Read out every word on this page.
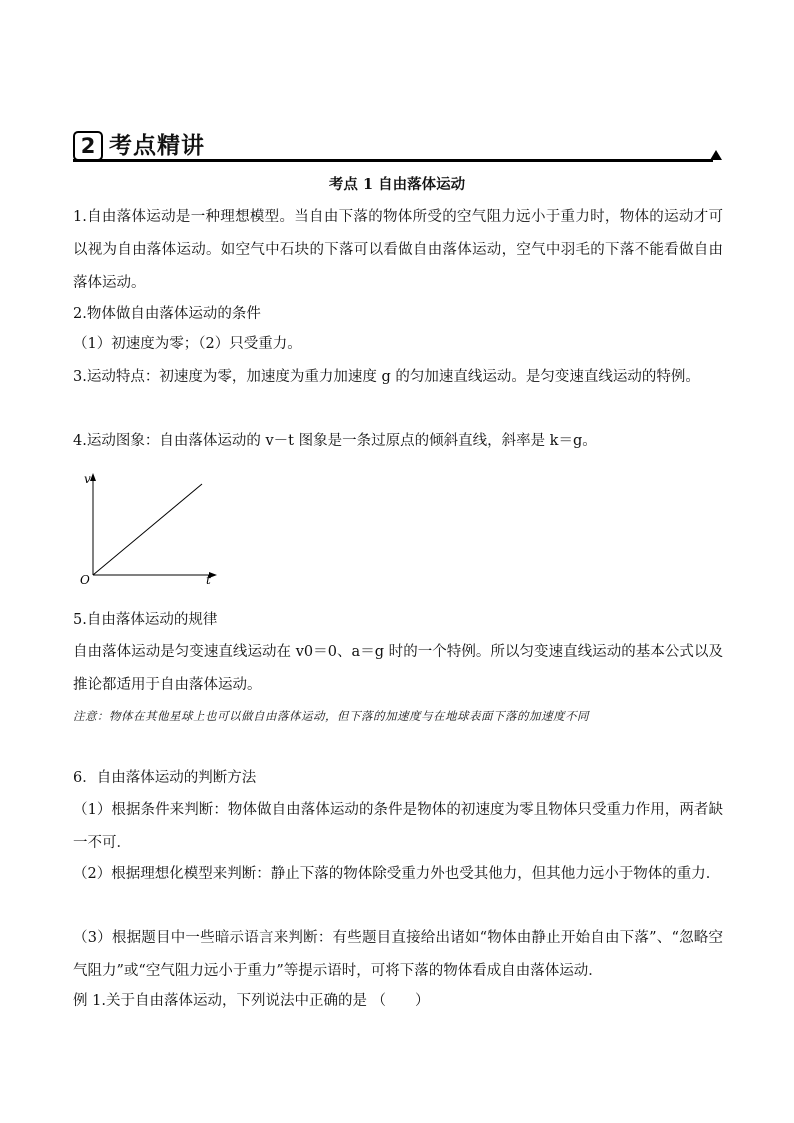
2 考点精讲
考点 1 自由落体运动
1.自由落体运动是一种理想模型。当自由下落的物体所受的空气阻力远小于重力时，物体的运动才可以视为自由落体运动。如空气中石块的下落可以看做自由落体运动，空气中羽毛的下落不能看做自由落体运动。
2.物体做自由落体运动的条件
（1）初速度为零；（2）只受重力。
3.运动特点：初速度为零，加速度为重力加速度 g 的匀加速直线运动。是匀变速直线运动的特例。
4.运动图象：自由落体运动的 v－t 图象是一条过原点的倾斜直线，斜率是 k＝g。
v
t
O
5.自由落体运动的规律
自由落体运动是匀变速直线运动在 v0＝0、a＝g 时的一个特例。所以匀变速直线运动的基本公式以及推论都适用于自由落体运动。
注意：物体在其他星球上也可以做自由落体运动，但下落的加速度与在地球表面下落的加速度不同
6．自由落体运动的判断方法
（1）根据条件来判断：物体做自由落体运动的条件是物体的初速度为零且物体只受重力作用，两者缺一不可．
（2）根据理想化模型来判断：静止下落的物体除受重力外也受其他力，但其他力远小于物体的重力．
（3）根据题目中一些暗示语言来判断：有些题目直接给出诸如“物体由静止开始自由下落”、“忽略空气阻力”或“空气阻力远小于重力”等提示语时，可将下落的物体看成自由落体运动．
例 1.关于自由落体运动，下列说法中正确的是 （　　）
